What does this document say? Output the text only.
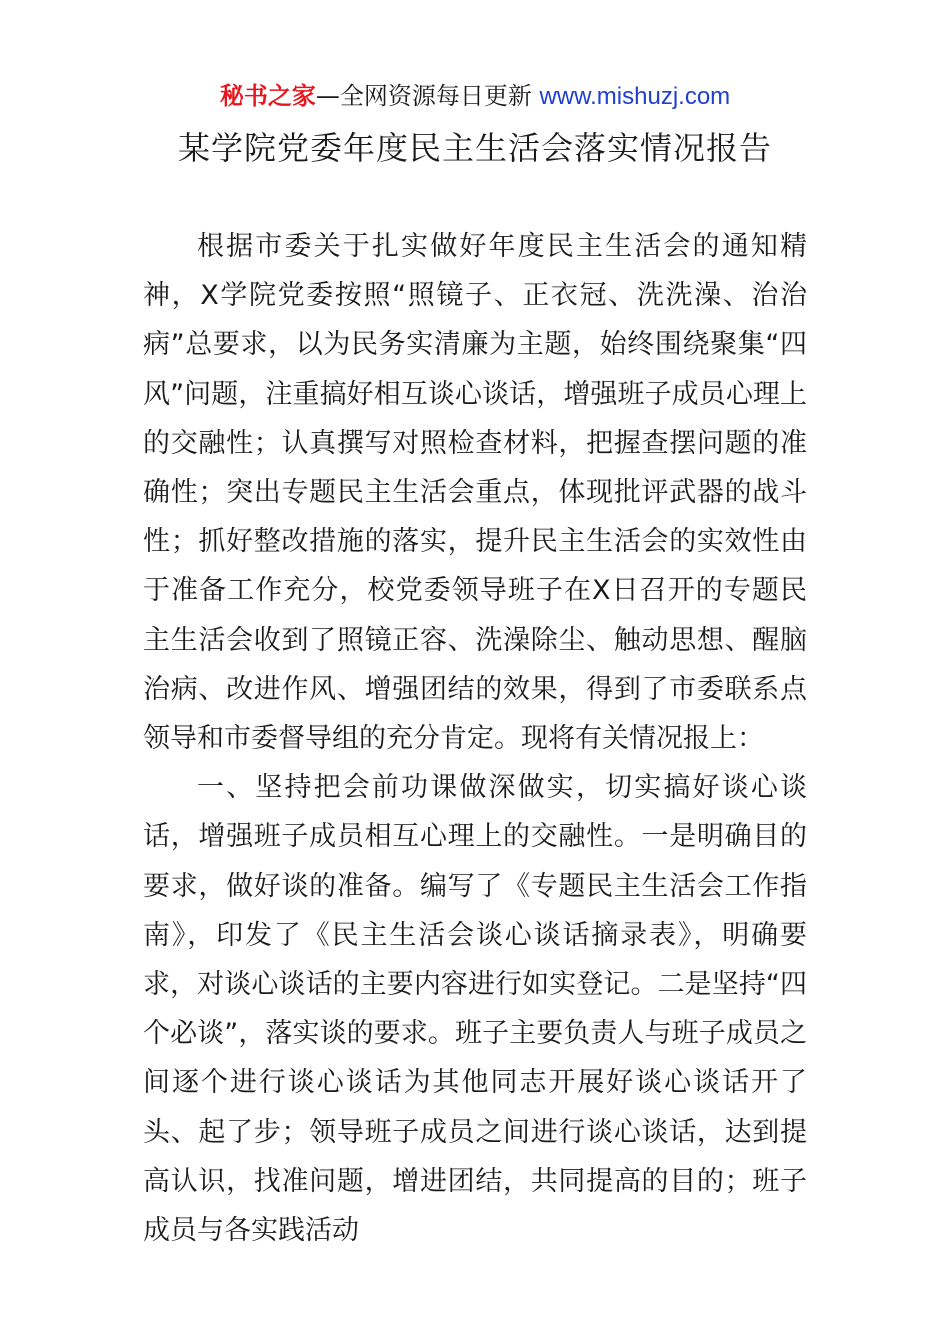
秘书之家—全网资源每日更新 www.mishuzj.com
某学院党委年度民主生活会落实情况报告

根据市委关于扎实做好年度民主生活会的通知精神，X学院党委按照“照镜子、正衣冠、洗洗澡、治治病”总要求，以为民务实清廉为主题，始终围绕聚集“四风”问题，注重搞好相互谈心谈话，增强班子成员心理上的交融性；认真撰写对照检查材料，把握查摆问题的准确性；突出专题民主生活会重点，体现批评武器的战斗性；抓好整改措施的落实，提升民主生活会的实效性由于准备工作充分，校党委领导班子在X日召开的专题民主生活会收到了照镜正容、洗澡除尘、触动思想、醒脑治病、改进作风、增强团结的效果，得到了市委联系点领导和市委督导组的充分肯定。现将有关情况报上：

一、坚持把会前功课做深做实，切实搞好谈心谈话，增强班子成员相互心理上的交融性。一是明确目的要求，做好谈的准备。编写了《专题民主生活会工作指南》，印发了《民主生活会谈心谈话摘录表》，明确要求，对谈心谈话的主要内容进行如实登记。二是坚持“四个必谈”，落实谈的要求。班子主要负责人与班子成员之间逐个进行谈心谈话为其他同志开展好谈心谈话开了头、起了步；领导班子成员之间进行谈心谈话，达到提高认识，找准问题，增进团结，共同提高的目的；班子成员与各实践活动
